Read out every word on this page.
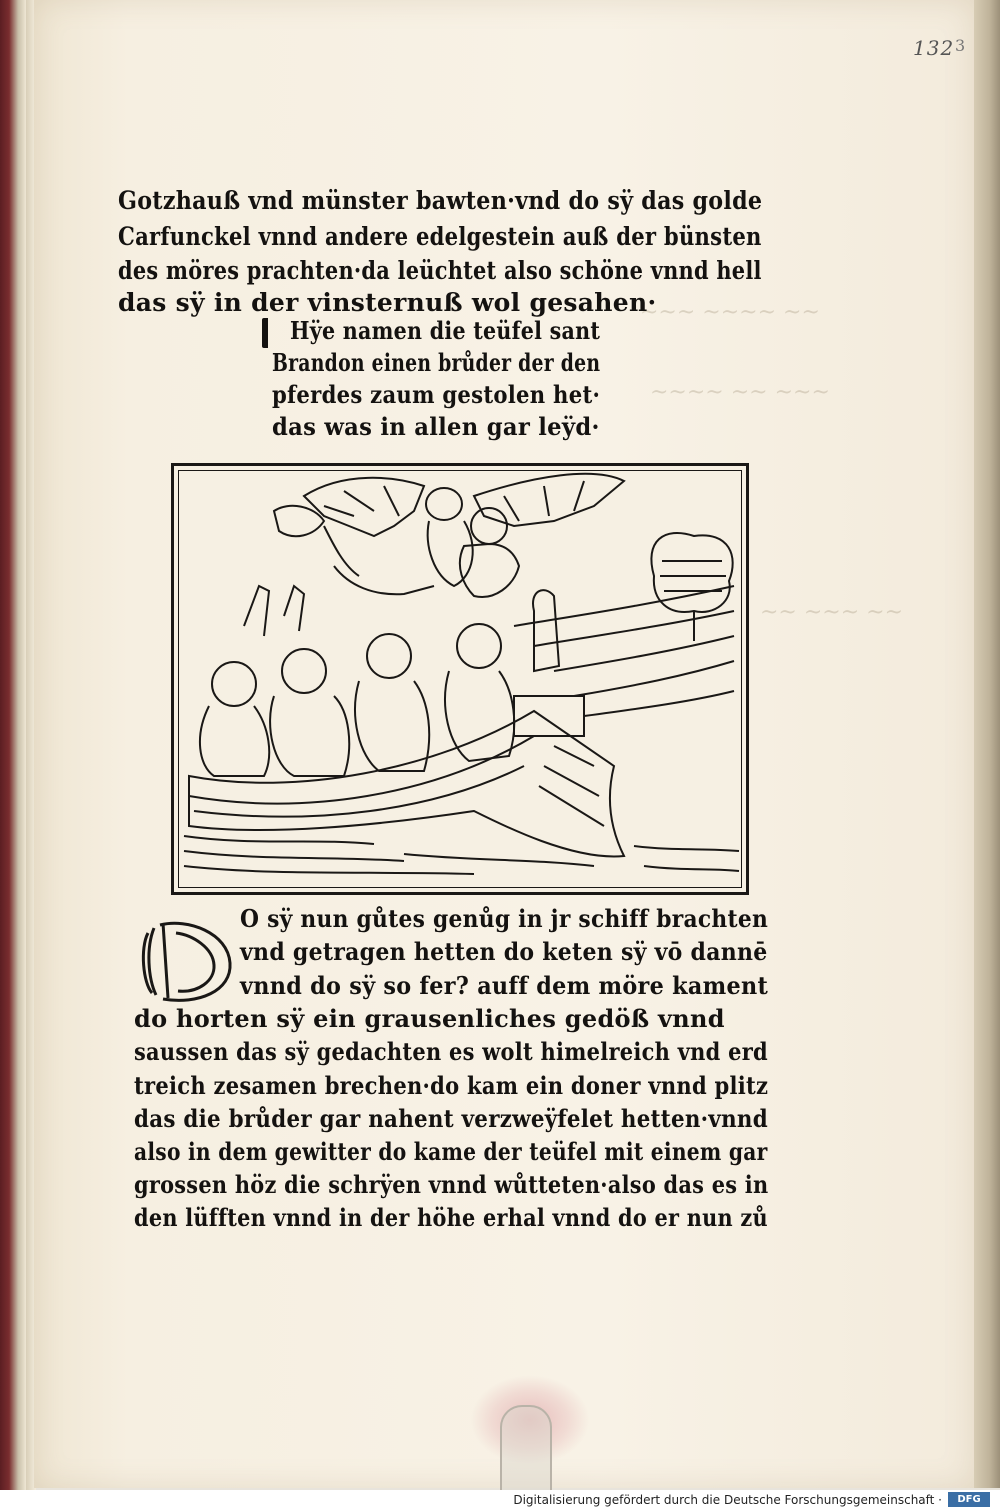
~~~ ~~~~ ~~
~~~~ ~~ ~~~
~~ ~~~ ~~
132 3
Gotzhauß vnd münster bawten·vnd do sÿ das golde
Carfunckel vnnd andere edelgestein auß der bünsten
des möres prachten·da leüchtet also schöne vnnd hell
das sÿ in der vinsternuß wol gesahen·
Hÿe namen die teüfel sant
Brandon einen brůder der den
pferdes zaum gestolen het·
das was in allen gar leÿd·
O sÿ nun gůtes genůg in jr schiff brachten
vnd getragen hetten do keten sÿ vō dannē
vnnd do sÿ so fer? auff dem möre kament
do horten sÿ ein grausenliches gedöß vnnd
saussen das sÿ gedachten es wolt himelreich vnd erd
treich zesamen brechen·do kam ein doner vnnd plitz
das die brůder gar nahent verzweÿfelet hetten·vnnd
also in dem gewitter do kame der teüfel mit einem gar
grossen höz die schrÿen vnnd wůtteten·also das es in
den lüfften vnnd in der höhe erhal vnnd do er nun zů
Digitalisierung gefördert durch die Deutsche Forschungsgemeinschaft ·	DFG
